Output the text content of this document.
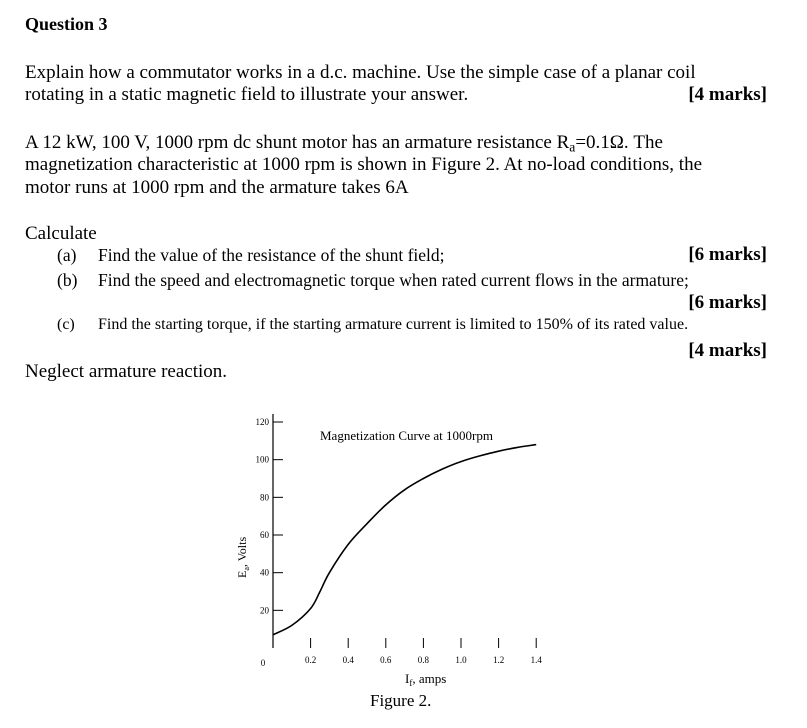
Question 3
Explain how a commutator works in a d.c. machine. Use the simple case of a planar coil
rotating in a static magnetic field to illustrate your answer.	[4 marks]
A 12 kW, 100 V, 1000 rpm dc shunt motor has an armature resistance $R_a=0.1\Omega$. The
magnetization characteristic at 1000 rpm is shown in Figure 2. At no-load conditions, the
motor runs at 1000 rpm and the armature takes 6A
Calculate
(a) Find the value of the resistance of the shunt field;	[6 marks]
(b) Find the speed and electromagnetic torque when rated current flows in the armature;
[6 marks]
(c) Find the starting torque, if the starting armature current is limited to 150% of its rated value.
[4 marks]
Neglect armature reaction.
20
40
60
80
100
120
0.2	0.4	0.6	0.8	1.0	1.2	1.4
0
Magnetization Curve at 1000rpm
$I_f$, amps
$E_a$, Volts
Figure 2.
